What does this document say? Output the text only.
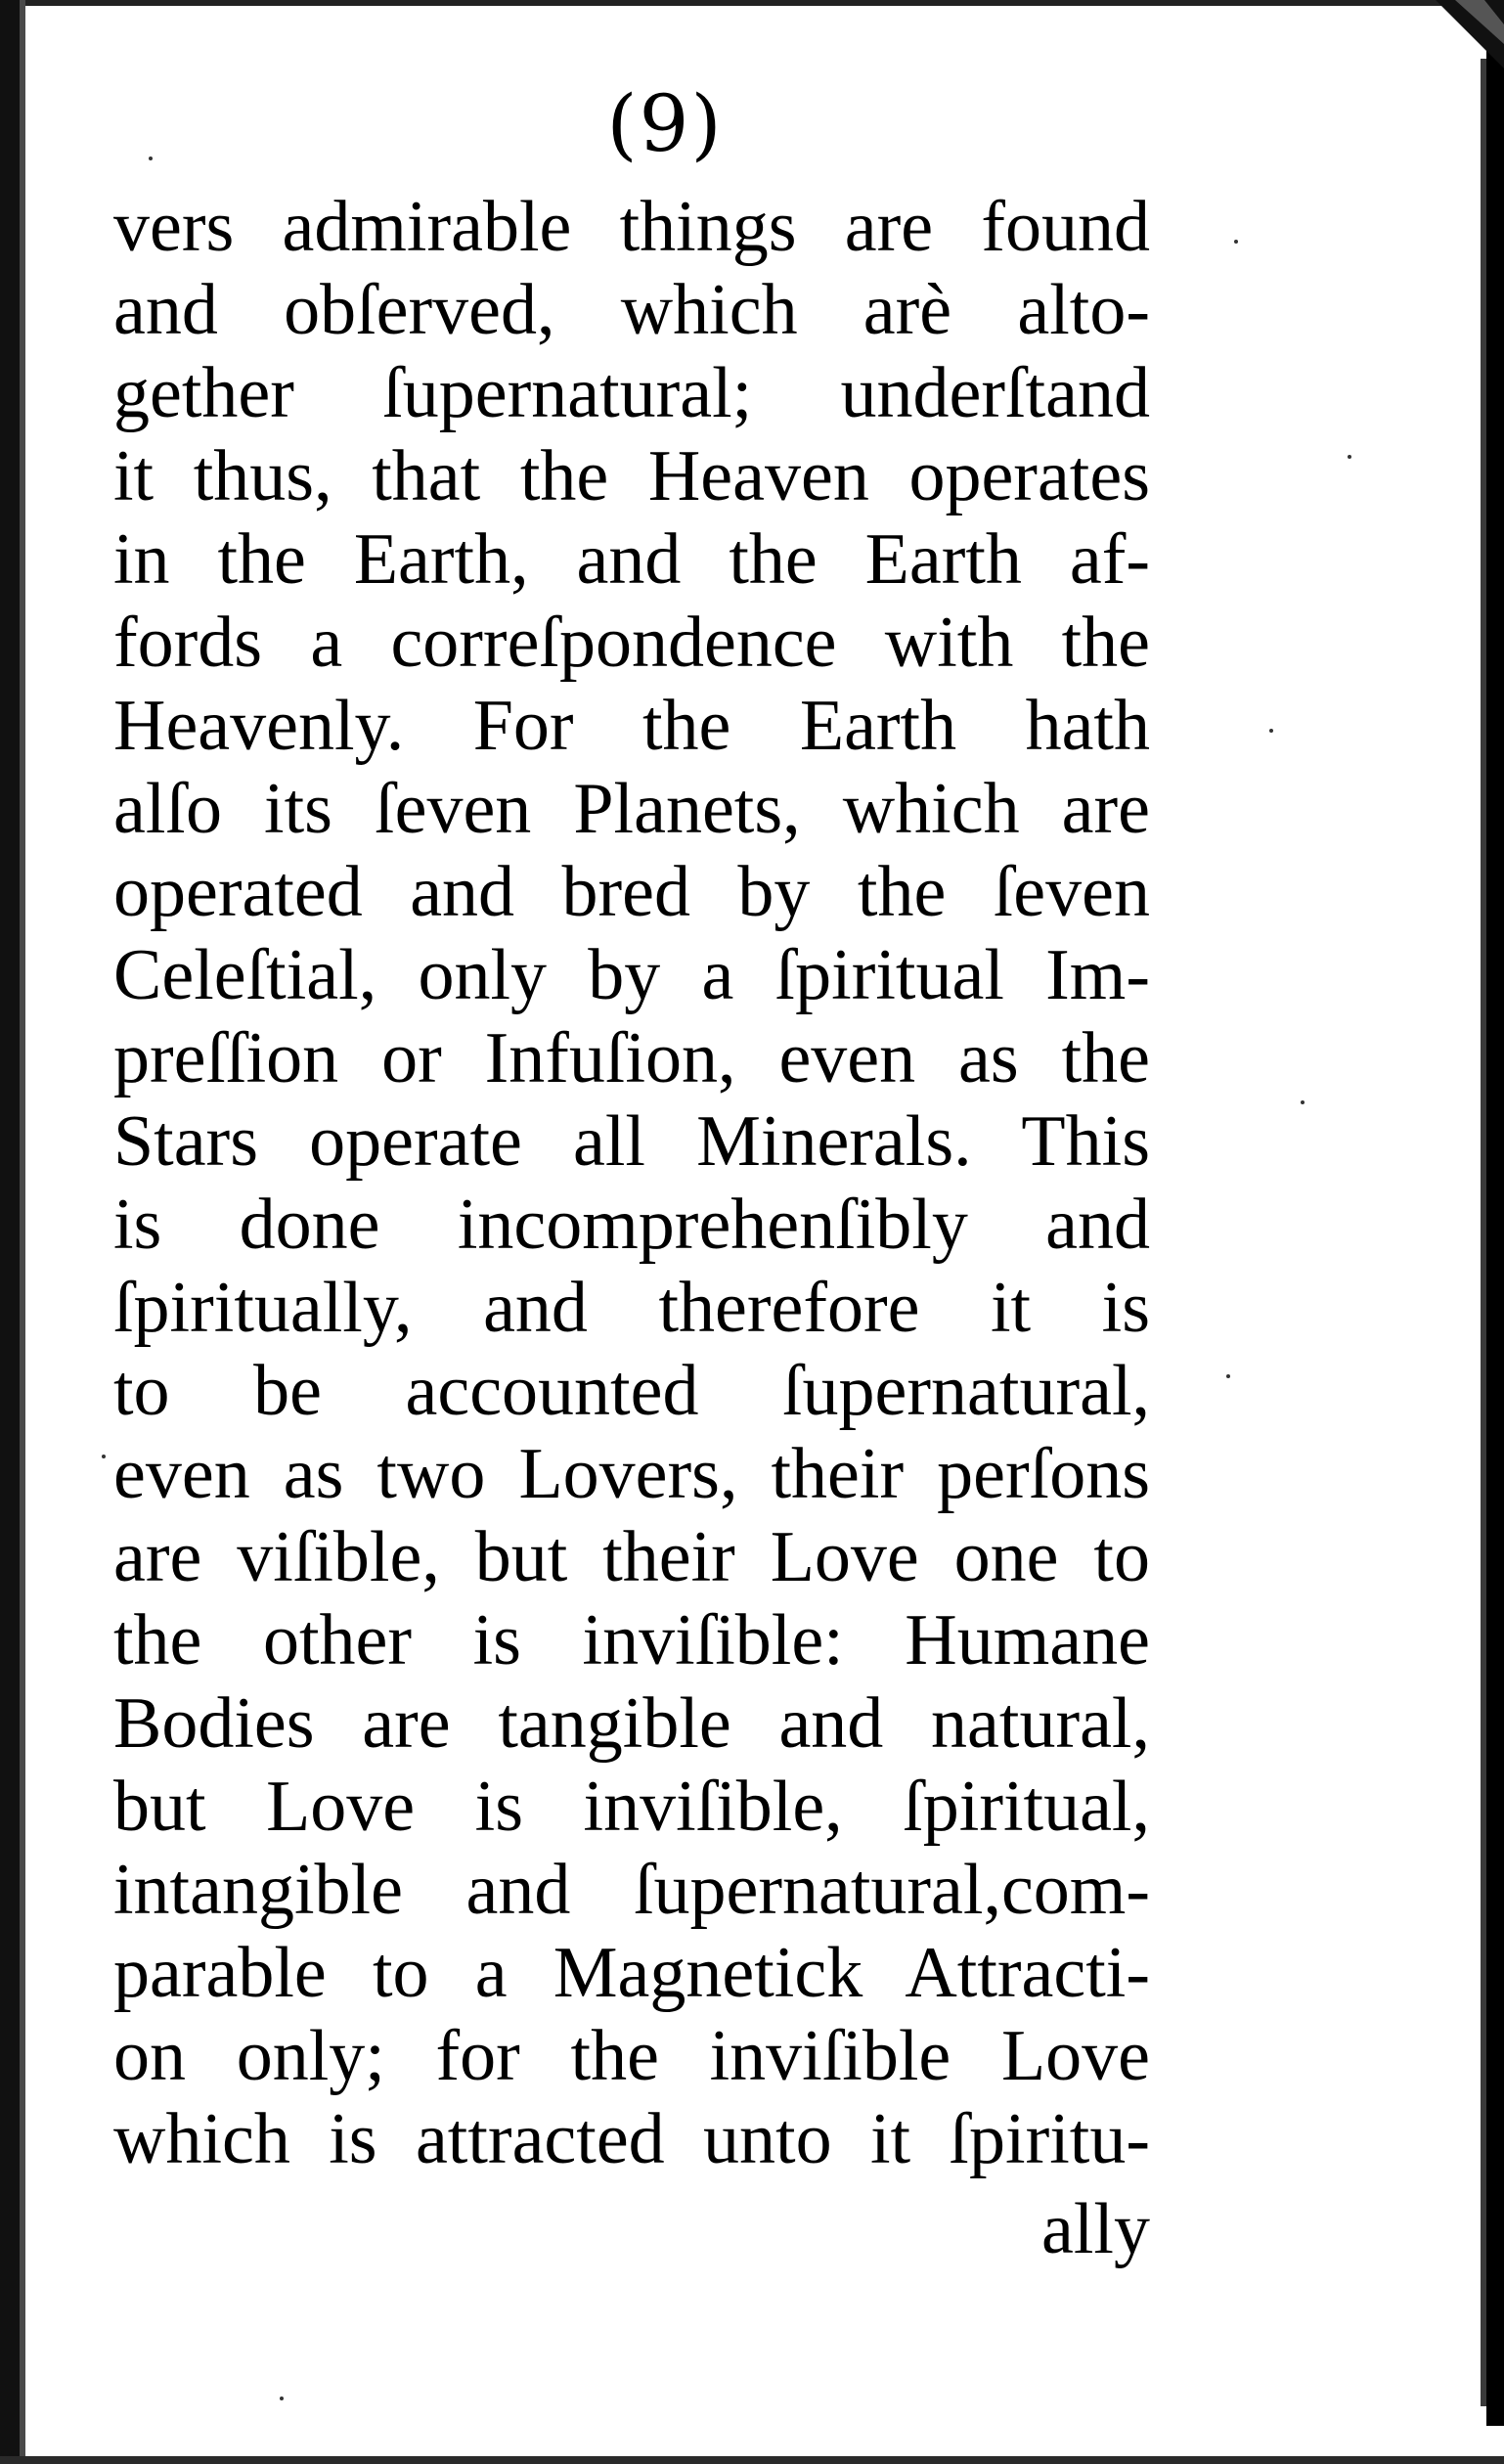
(9)
vers admirable things are found
and obſerved, which arè alto-
gether ſupernatural; underſtand
it thus, that the Heaven operates
in the Earth, and the Earth af-
fords a correſpondence with the
Heavenly. For the Earth hath
alſo its ſeven Planets, which are
operated and bred by the ſeven
Celeſtial, only by a ſpiritual Im-
preſſion or Infuſion, even as the
Stars operate all Minerals. This
is done incomprehenſibly and
ſpiritually, and therefore it is
to be accounted ſupernatural,
even as two Lovers, their perſons
are viſible, but their Love one to
the other is inviſible: Humane
Bodies are tangible and natural,
but Love is inviſible, ſpiritual,
intangible and ſupernatural,com-
parable to a Magnetick Attracti-
on only; for the inviſible Love
which is attracted unto it ſpiritu-
ally
